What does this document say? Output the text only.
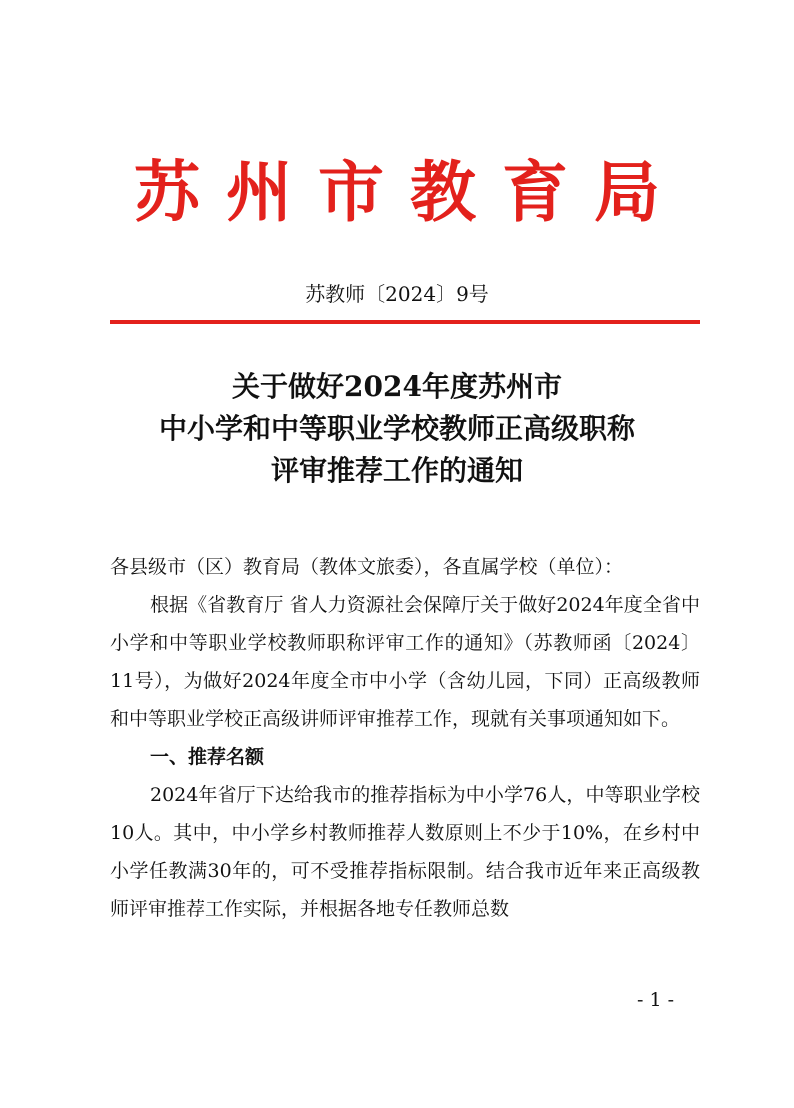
苏州市教育局
苏教师〔2024〕9号
关于做好2024年度苏州市
中小学和中等职业学校教师正高级职称
评审推荐工作的通知

各县级市（区）教育局（教体文旅委），各直属学校（单位）：

根据《省教育厅 省人力资源社会保障厅关于做好2024年度全省中小学和中等职业学校教师职称评审工作的通知》（苏教师函〔2024〕11号），为做好2024年度全市中小学（含幼儿园，下同）正高级教师和中等职业学校正高级讲师评审推荐工作，现就有关事项通知如下。

一、推荐名额

2024年省厅下达给我市的推荐指标为中小学76人，中等职业学校10人。其中，中小学乡村教师推荐人数原则上不少于10%，在乡村中小学任教满30年的，可不受推荐指标限制。结合我市近年来正高级教师评审推荐工作实际，并根据各地专任教师总数

- 1 -
